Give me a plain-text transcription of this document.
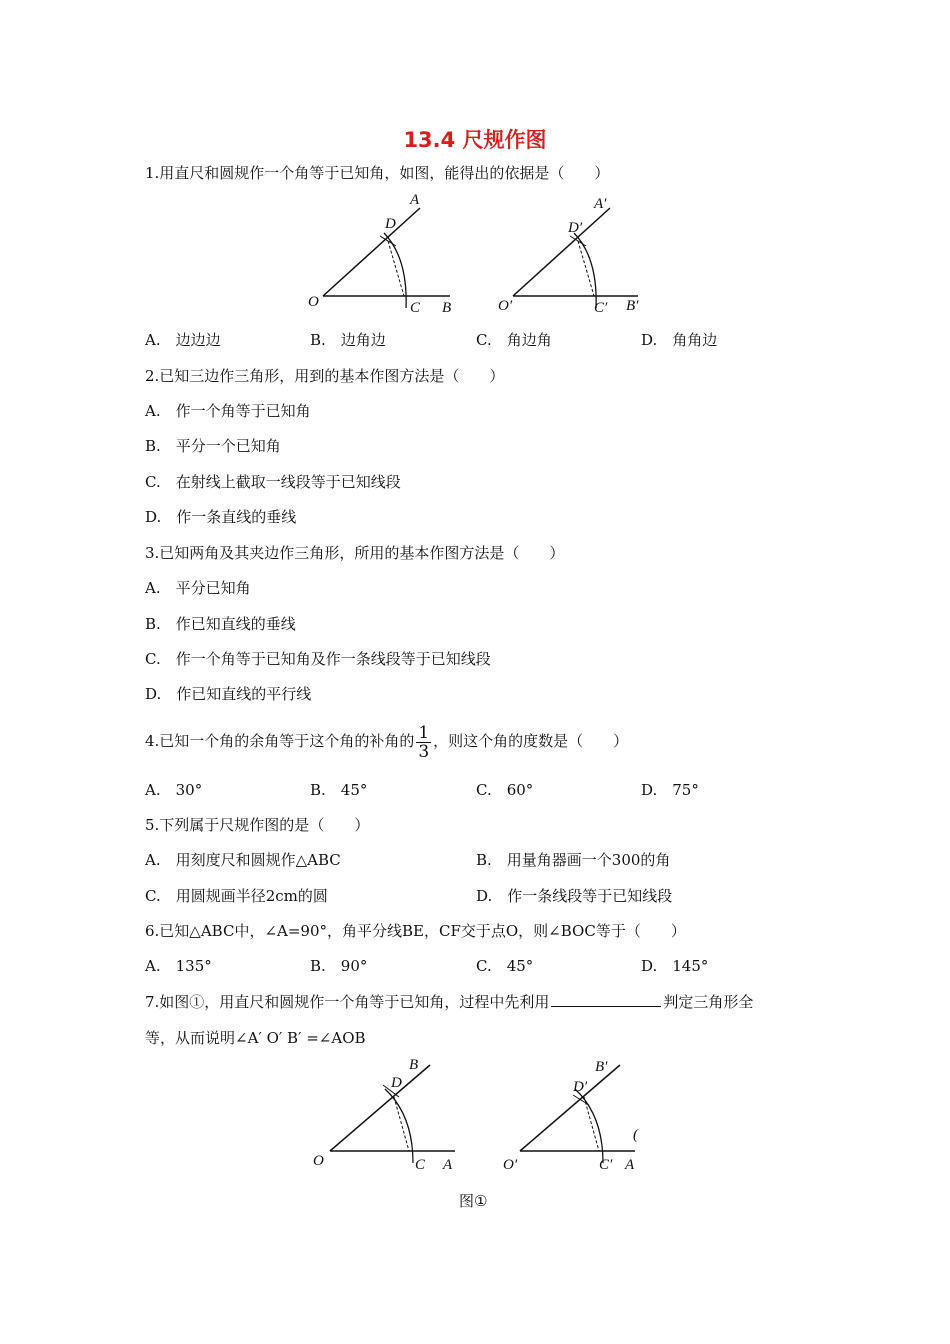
13.4 尺规作图
1.用直尺和圆规作一个角等于已知角，如图，能得出的依据是（　　）
O	C B
D
A
O′	C′ B′
D′
A′
A.　边边边	B.　边角边	C.　角边角	D.　角角边
2.已知三边作三角形，用到的基本作图方法是（　　）
A.　作一个角等于已知角
B.　平分一个已知角
C.　在射线上截取一线段等于已知线段
D.　作一条直线的垂线
3.已知两角及其夹边作三角形，所用的基本作图方法是（　　）
A.　平分已知角
B.　作已知直线的垂线
C.　作一个角等于已知角及作一条线段等于已知线段
D.　作已知直线的平行线
4.已知一个角的余角等于这个角的补角的 $\frac{1}{3}$ ，则这个角的度数是（　　）
A.　30°	B.　45°	C.　60°	D.　75°
5.下列属于尺规作图的是（　　）
A.　用刻度尺和圆规作△ABC	B.　用量角器画一个300的角
C.　用圆规画半径2cm的圆	D.　作一条线段等于已知线段
6.已知△ABC中，∠A=90°，角平分线BE，CF交于点O，则∠BOC等于（　　）
A.　135°	B.　90°	C.　45°	D.　145°
7.如图①，用直尺和圆规作一个角等于已知角，过程中先利用	判定三角形全
等，从而说明∠A′ O′ B′ =∠AOB
O	C A
D
B
O′	C′ A
D′
B′
(
图①
